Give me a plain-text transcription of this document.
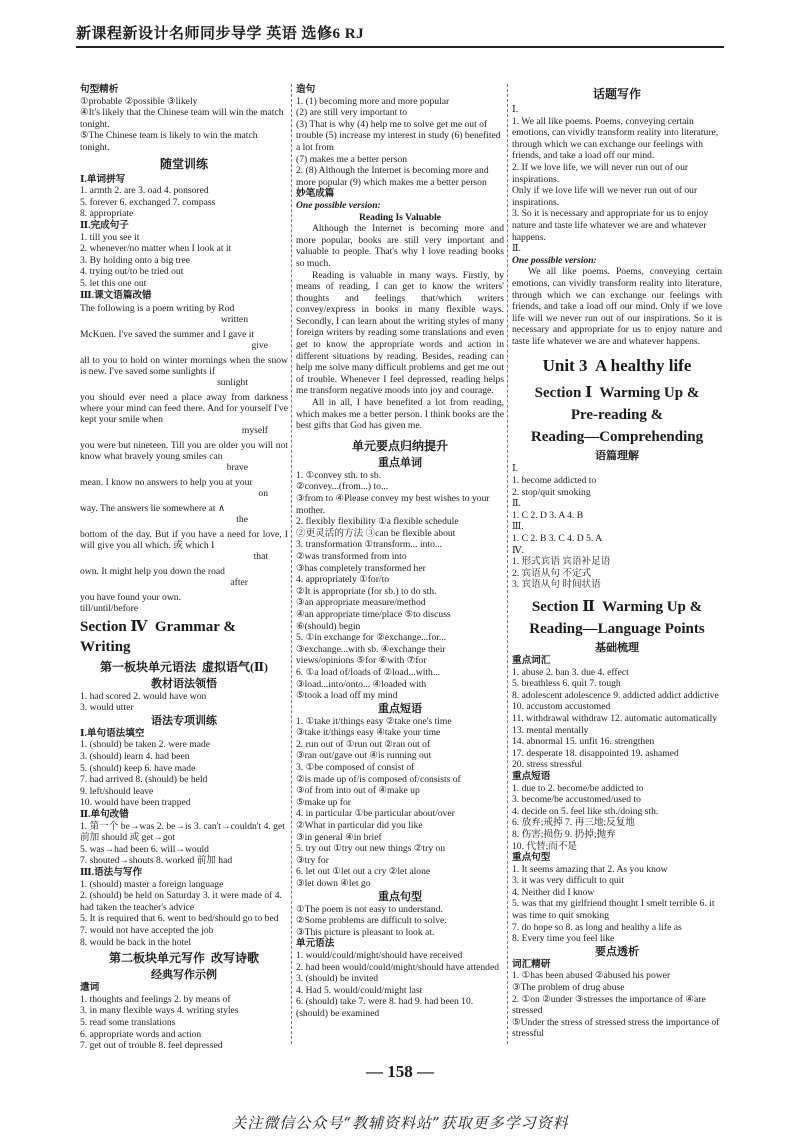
新课程新设计名师同步导学 英语 选修6 RJ
句型精析
①probable ②possible ③likely
④It's likely that the Chinese team will win the match tonight.
⑤The Chinese team is likely to win the match tonight.
随堂训练
Ⅰ.单词拼写
1. armth 2. are 3. oad 4. ponsored
5. forever 6. exchanged 7. compass
8. appropriate
Ⅱ.完成句子
1. till you see it
2. whenever/no matter when I look at it
3. By holding onto a big tree
4. trying out/to be tried out
5. let this one out
Ⅲ.课文语篇改错
The following is a poem writing by Rod
written
McKuen. I've saved the summer and I gave it
give
all to you to hold on winter mornings when the snow is new. I've saved some sunlights if
sunlight
you should ever need a place away from darkness where your mind can feed there. And for yourself I've kept your smile when
myself
you were but nineteen. Till you are older you will not know what bravely young smiles can
brave
mean. I know no answers to help you at your
on
way. The answers lie somewhere at ∧
the
bottom of the day. But if you have a need for love, I will give you all which. 或 which I
that
own. It might help you down the road
after
you have found your own.
till/until/before
Section Ⅳ  Grammar & Writing
第一板块单元语法  虚拟语气(Ⅱ)
教材语法领悟
1. had scored 2. would have won
3. would utter
语法专项训练
Ⅰ.单句语法填空
1. (should) be taken 2. were made
3. (should) learn 4. had been
5. (should) keep 6. have made
7. had arrived 8. (should) be held
9. left/should leave
10. would have been trapped
Ⅱ.单句改错
1. 第一个 be→was 2. be→is 3. can't→couldn't 4. get 前加 should 或 get→got
5. was→had been 6. will→would
7. shouted→shouts 8. worked 前加 had
Ⅲ.语法与写作
1. (should) master a foreign language
2. (should) be held on Saturday 3. it were made of 4. had taken the teacher's advice
5. It is required that 6. went to bed/should go to bed 7. would not have accepted the job
8. would be back in the hotel
第二板块单元写作  改写诗歌
经典写作示例
遣词
1. thoughts and feelings 2. by means of
3. in many flexible ways 4. writing styles
5. read some translations
6. appropriate words and action
7. get out of trouble 8. feel depressed
造句
1. (1) becoming more and more popular
(2) are still very important to
(3) That is why (4) help me to solve get me out of trouble (5) increase my interest in study (6) benefited a lot from
(7) makes me a better person
2. (8) Although the Internet is becoming more and more popular (9) which makes me a better person
妙笔成篇
One possible version:
Reading Is Valuable
Although the Internet is becoming more and more popular, books are still very important and valuable to people. That's why I love reading books so much.
Reading is valuable in many ways. Firstly, by means of reading, I can get to know the writers' thoughts and feelings that/which writers convey/express in books in many flexible ways. Secondly, I can learn about the writing styles of many foreign writers by reading some translations and even get to know the appropriate words and action in different situations by reading. Besides, reading can help me solve many difficult problems and get me out of trouble. Whenever I feel depressed, reading helps me transform negative moods into joy and courage.
All in all, I have benefited a lot from reading, which makes me a better person. I think books are the best gifts that God has given me.
单元要点归纳提升
重点单词
1. ①convey sth. to sb.
②convey...(from...) to...
③from to ④Please convey my best wishes to your mother.
2. flexibly flexibility ①a flexible schedule
②更灵活的方法 ③can be flexible about
3. transformation ①transform... into...
②was transformed from into
③has completely transformed her
4. appropriately ①for/to
②It is appropriate (for sb.) to do sth.
③an appropriate measure/method
④an appropriate time/place ⑤to discuss
⑥(should) begin
5. ①in exchange for ②exchange...for...
③exchange...with sb. ④exchange their views/opinions ⑤for ⑥with ⑦for
6. ①a load of/loads of ②load...with...
③load...into/onto... ④loaded with
⑤took a load off my mind
重点短语
1. ①take it/things easy ②take one's time
③take it/things easy ④take your time
2. run out of ①run out ②ran out of
③ran out/gave out ④is running out
3. ①be composed of consist of
②is made up of/is composed of/consists of
③of from into out of ④make up
⑤make up for
4. in particular ①be particular about/over
②What in particular did you like
③in general ④in brief
5. try out ①try out new things ②try on
③try for
6. let out ①let out a cry ②let alone
③let down ④let go
重点句型
①The poem is not easy to understand.
②Some problems are difficult to solve.
③This picture is pleasant to look at.
单元语法
1. would/could/might/should have received
2. had been would/could/might/should have attended 3. (should) be invited
4. Had 5. would/could/might last
6. (should) take 7. were 8. had 9. had been 10. (should) be examined
话题写作
Ⅰ.
1. We all like poems. Poems, conveying certain emotions, can vividly transform reality into literature, through which we can exchange our feelings with friends, and take a load off our mind.
2. If we love life, we will never run out of our inspirations.
Only if we love life will we never run out of our inspirations.
3. So it is necessary and appropriate for us to enjoy nature and taste life whatever we are and whatever happens.
Ⅱ.
One possible version:
We all like poems. Poems, conveying certain emotions, can vividly transform reality into literature, through which we can exchange our feelings with friends, and take a load off our mind. Only if we love life will we never run out of our inspirations. So it is necessary and appropriate for us to enjoy nature and taste life whatever we are and whatever happens.
Unit 3  A healthy life
Section Ⅰ  Warming Up &
Pre-reading &
Reading—Comprehending
语篇理解
Ⅰ.
1. become addicted to
2. stop/quit smoking
Ⅱ.
1. C 2. D 3. A 4. B
Ⅲ.
1. C 2. B 3. C 4. D 5. A
Ⅳ.
1. 形式宾语 宾语补足语
2. 宾语从句 不定式
3. 宾语从句 时间状语
Section Ⅱ  Warming Up &
Reading—Language Points
基础梳理
重点词汇
1. abuse 2. ban 3. due 4. effect
5. breathless 6. quit 7. tough
8. adolescent adolescence 9. addicted addict addictive 10. accustom accustomed
11. withdrawal withdraw 12. automatic automatically 13. mental mentally
14. abnormal 15. unfit 16. strengthen
17. desperate 18. disappointed 19. ashamed
20. stress stressful
重点短语
1. due to 2. become/be addicted to
3. become/be accustomed/used to
4. decide on 5. feel like sth./doing sth.
6. 放弃;戒掉 7. 再三地;反复地
8. 伤害;损伤 9. 扔掉;抛弃
10. 代替;而不是
重点句型
1. It seems amazing that 2. As you know
3. it was very difficult to quit
4. Neither did I know
5. was that my girlfriend thought I smelt terrible 6. it was time to quit smoking
7. do hope so 8. as long and healthy a life as
8. Every time you feel like
要点透析
词汇精研
1. ①has been abused ②abused his power
③The problem of drug abuse
2. ①on ②under ③stresses the importance of ④are stressed
⑤Under the stress of stressed stress the importance of stressful
— 158 —
关注微信公众号“教辅资料站”获取更多学习资料
